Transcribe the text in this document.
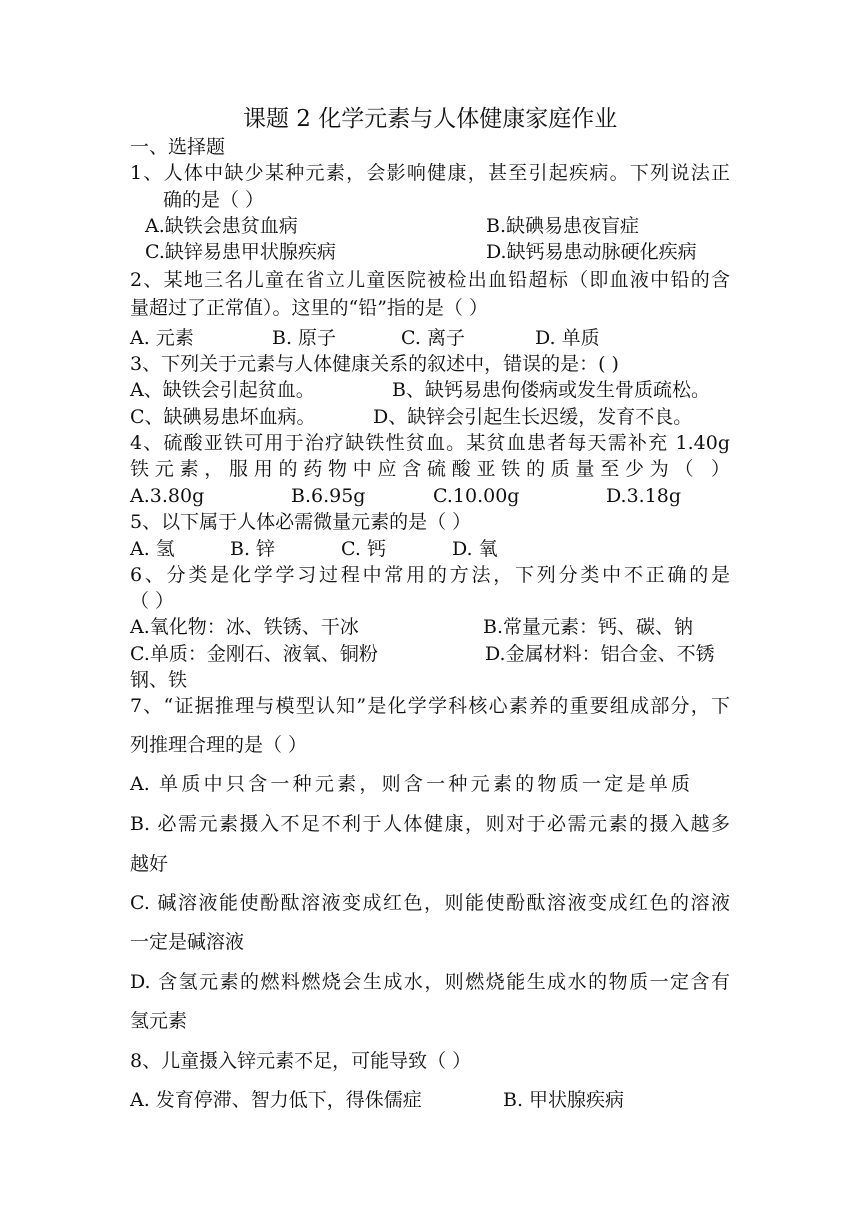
课题 2 化学元素与人体健康家庭作业
一、选择题
1、人体中缺少某种元素，会影响健康，甚至引起疾病。下列说法正
确的是（ ）
A.缺铁会患贫血病	B.缺碘易患夜盲症
C.缺锌易患甲状腺疾病	D.缺钙易患动脉硬化疾病
2、某地三名儿童在省立儿童医院被检出血铅超标（即血液中铅的含
量超过了正常值）。这里的“铅”指的是（ ）
A. 元素	B. 原子	C. 离子	D. 单质
3、下列关于元素与人体健康关系的叙述中，错误的是：( )
A、缺铁会引起贫血。	B、缺钙易患佝偻病或发生骨质疏松。
C、缺碘易患坏血病。	D、缺锌会引起生长迟缓，发育不良。
4、硫酸亚铁可用于治疗缺铁性贫血。某贫血患者每天需补充 1.40g
铁元素，服用的药物中应含硫酸亚铁的质量至少为（ ）
A.3.80g	B.6.95g	C.10.00g	D.3.18g
5、以下属于人体必需微量元素的是（ ）
A. 氢	B. 锌	C. 钙	D. 氧
6、分类是化学学习过程中常用的方法，下列分类中不正确的是
（ ）
A.氧化物：冰、铁锈、干冰	B.常量元素：钙、碳、钠
C.单质：金刚石、液氧、铜粉	D.金属材料：铝合金、不锈
钢、铁
7、“证据推理与模型认知”是化学学科核心素养的重要组成部分，下
列推理合理的是（ ）
A. 单质中只含一种元素，则含一种元素的物质一定是单质
B. 必需元素摄入不足不利于人体健康，则对于必需元素的摄入越多
越好
C. 碱溶液能使酚酞溶液变成红色，则能使酚酞溶液变成红色的溶液
一定是碱溶液
D. 含氢元素的燃料燃烧会生成水，则燃烧能生成水的物质一定含有
氢元素
8、儿童摄入锌元素不足，可能导致（ ）
A. 发育停滞、智力低下，得侏儒症	B. 甲状腺疾病
